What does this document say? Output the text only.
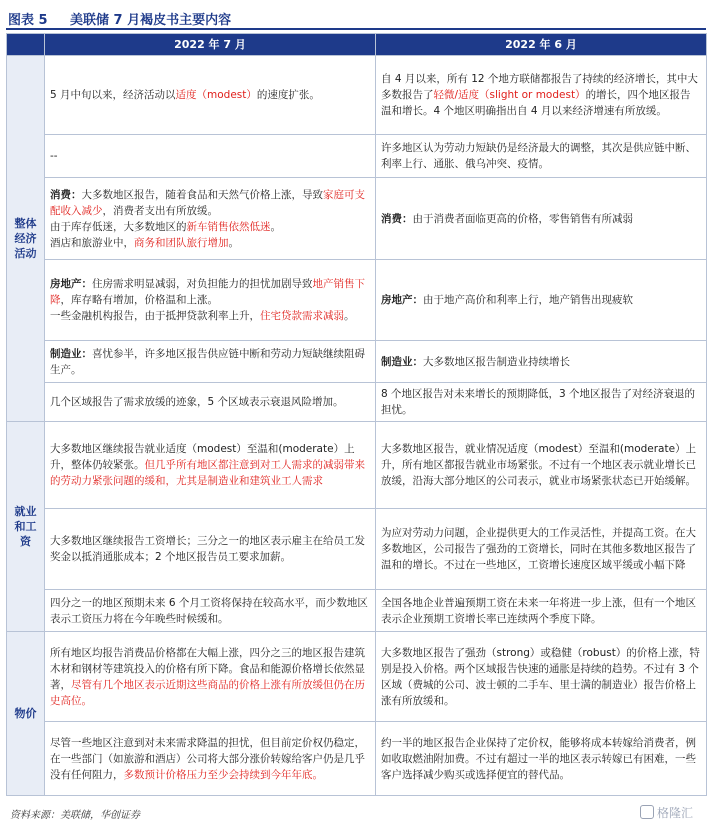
图表 5 美联储 7 月褐皮书主要内容
	2022 年 7 月	2022 年 6 月
整体
经济
活动	5 月中旬以来，经济活动以适度（modest）的速度扩张。	自 4 月以来，所有 12 个地方联储都报告了持续的经济增长，其中大多数报告了轻微/适度（slight or modest）的增长，四个地区报告温和增长。4 个地区明确指出自 4 月以来经济增速有所放缓。
	--	许多地区认为劳动力短缺仍是经济最大的调整，其次是供应链中断、利率上行、通胀、俄乌冲突、疫情。
	消费：大多数地区报告，随着食品和天然气价格上涨，导致家庭可支配收入减少，消费者支出有所放缓。
由于库存低迷，大多数地区的新车销售依然低迷。
酒店和旅游业中，商务和团队旅行增加。	消费：由于消费者面临更高的价格，零售销售有所减弱
	房地产：住房需求明显减弱，对负担能力的担忧加剧导致地产销售下降，库存略有增加，价格温和上涨。
一些金融机构报告，由于抵押贷款利率上升，住宅贷款需求减弱。	房地产：由于地产高价和利率上行，地产销售出现疲软
	制造业：喜忧参半，许多地区报告供应链中断和劳动力短缺继续阻碍生产。	制造业：大多数地区报告制造业持续增长
	几个区域报告了需求放缓的迹象，5 个区域表示衰退风险增加。	8 个地区报告对未来增长的预期降低，3 个地区报告了对经济衰退的担忧。
就业
和工
资	大多数地区继续报告就业适度（modest）至温和(moderate）上升，整体仍较紧张。但几乎所有地区都注意到对工人需求的减弱带来的劳动力紧张问题的缓和，尤其是制造业和建筑业工人需求	大多数地区报告，就业情况适度（modest）至温和(moderate）上升，所有地区都报告就业市场紧张。不过有一个地区表示就业增长已放缓，沿海大部分地区的公司表示，就业市场紧张状态已开始缓解。
	大多数地区继续报告工资增长；三分之一的地区表示雇主在给员工发奖金以抵消通胀成本；2 个地区报告员工要求加薪。	为应对劳动力问题，企业提供更大的工作灵活性，并提高工资。在大多数地区，公司报告了强劲的工资增长，同时在其他多数地区报告了温和的增长。不过在一些地区，工资增长速度区域平缓或小幅下降
	四分之一的地区预期未来 6 个月工资将保持在较高水平，而少数地区表示工资压力将在今年晚些时候缓和。	全国各地企业普遍预期工资在未来一年将进一步上涨，但有一个地区表示企业预期工资增长率已连续两个季度下降。
物价	所有地区均报告消费品价格都在大幅上涨，四分之三的地区报告建筑木材和钢材等建筑投入的价格有所下降。食品和能源价格增长依然显著，尽管有几个地区表示近期这些商品的价格上涨有所放缓但仍在历史高位。	大多数地区报告了强劲（strong）或稳健（robust）的价格上涨，特别是投入价格。两个区域报告快速的通胀是持续的趋势。不过有 3 个区域（费城的公司、波士顿的二手车、里士满的制造业）报告价格上涨有所放缓和。
	尽管一些地区注意到对未来需求降温的担忧，但目前定价权仍稳定，在一些部门（如旅游和酒店）公司将大部分涨价转嫁给客户仍是几乎没有任何阻力，多数预计价格压力至少会持续到今年年底。	约一半的地区报告企业保持了定价权，能够将成本转嫁给消费者，例如收取燃油附加费。不过有超过一半的地区表示转嫁已有困难，一些客户选择减少购买或选择便宜的替代品。
资料来源：美联储，华创证券	格隆汇
